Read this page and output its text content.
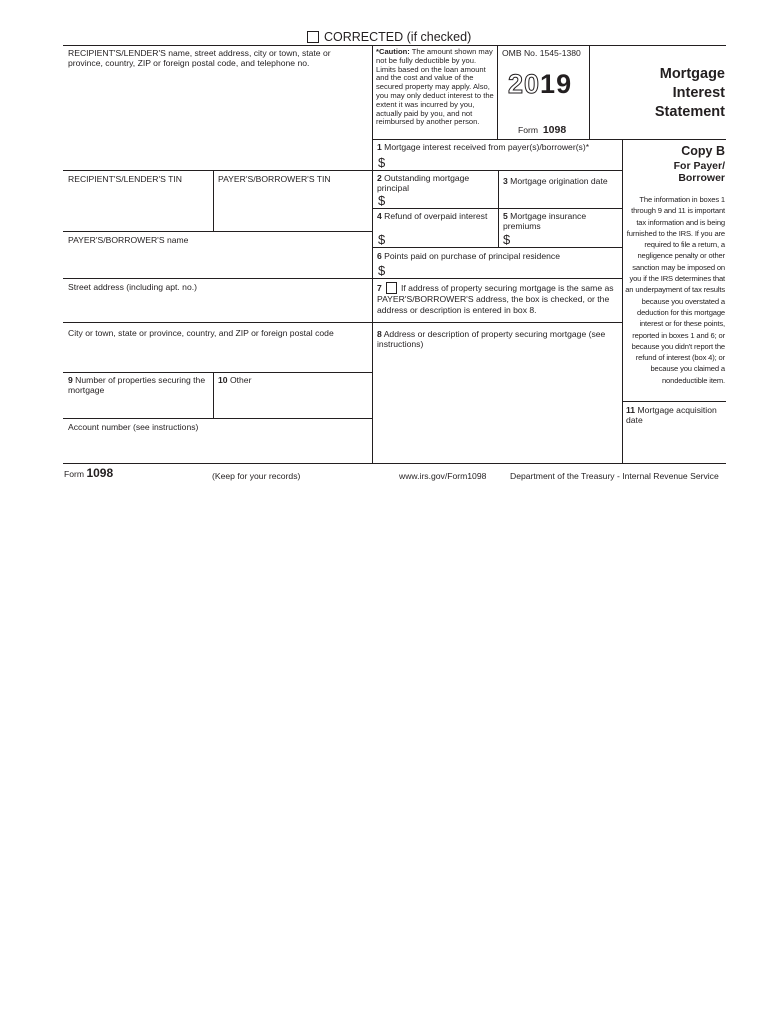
CORRECTED (if checked)
RECIPIENT'S/LENDER'S name, street address, city or town, state or province, country, ZIP or foreign postal code, and telephone no.
*Caution: The amount shown may not be fully deductible by you. Limits based on the loan amount and the cost and value of the secured property may apply. Also, you may only deduct interest to the extent it was incurred by you, actually paid by you, and not reimbursed by another person.
OMB No. 1545-1380
2019
Form 1098
Mortgage
Interest
Statement
1 Mortgage interest received from payer(s)/borrower(s)*
$
Copy B
For Payer/
Borrower
The information in boxes 1 through 9 and 11 is important tax information and is being furnished to the IRS. If you are required to file a return, a negligence penalty or other sanction may be imposed on you if the IRS determines that an underpayment of tax results because you overstated a deduction for this mortgage interest or for these points, reported in boxes 1 and 6; or because you didn't report the refund of interest (box 4); or because you claimed a nondeductible item.
RECIPIENT'S/LENDER'S TIN	PAYER'S/BORROWER'S TIN	2 Outstanding mortgage principal
$
3 Mortgage origination date
4 Refund of overpaid interest
$
5 Mortgage insurance premiums
$
PAYER'S/BORROWER'S name
6 Points paid on purchase of principal residence
$
Street address (including apt. no.)	7	If address of property securing mortgage is the same as PAYER'S/BORROWER'S address, the box is checked, or the address or description is entered in box 8.
City or town, state or province, country, and ZIP or foreign postal code	8 Address or description of property securing mortgage (see instructions)
9 Number of properties securing the mortgage
10 Other
11 Mortgage acquisition date
Account number (see instructions)
Form 1098	(Keep for your records)	www.irs.gov/Form1098	Department of the Treasury - Internal Revenue Service
